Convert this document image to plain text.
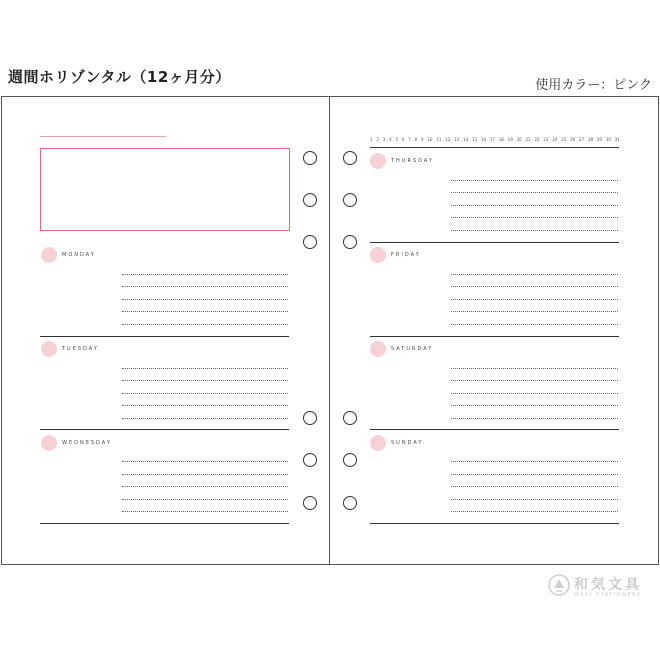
週間ホリゾンタル（12ヶ月分）	使用カラー：ピンク
MONDAY
TUESDAY
WEDNESDAY
1 2 3 4 5 6 7 8 9 10 11 12 13 14 15 16 17 18 19 20 21 22 23 24 25 26 27 28 29 30 31
THURSDAY
FRIDAY
SATURDAY
SUNDAY
和気文具
WAKI STATIONERY
